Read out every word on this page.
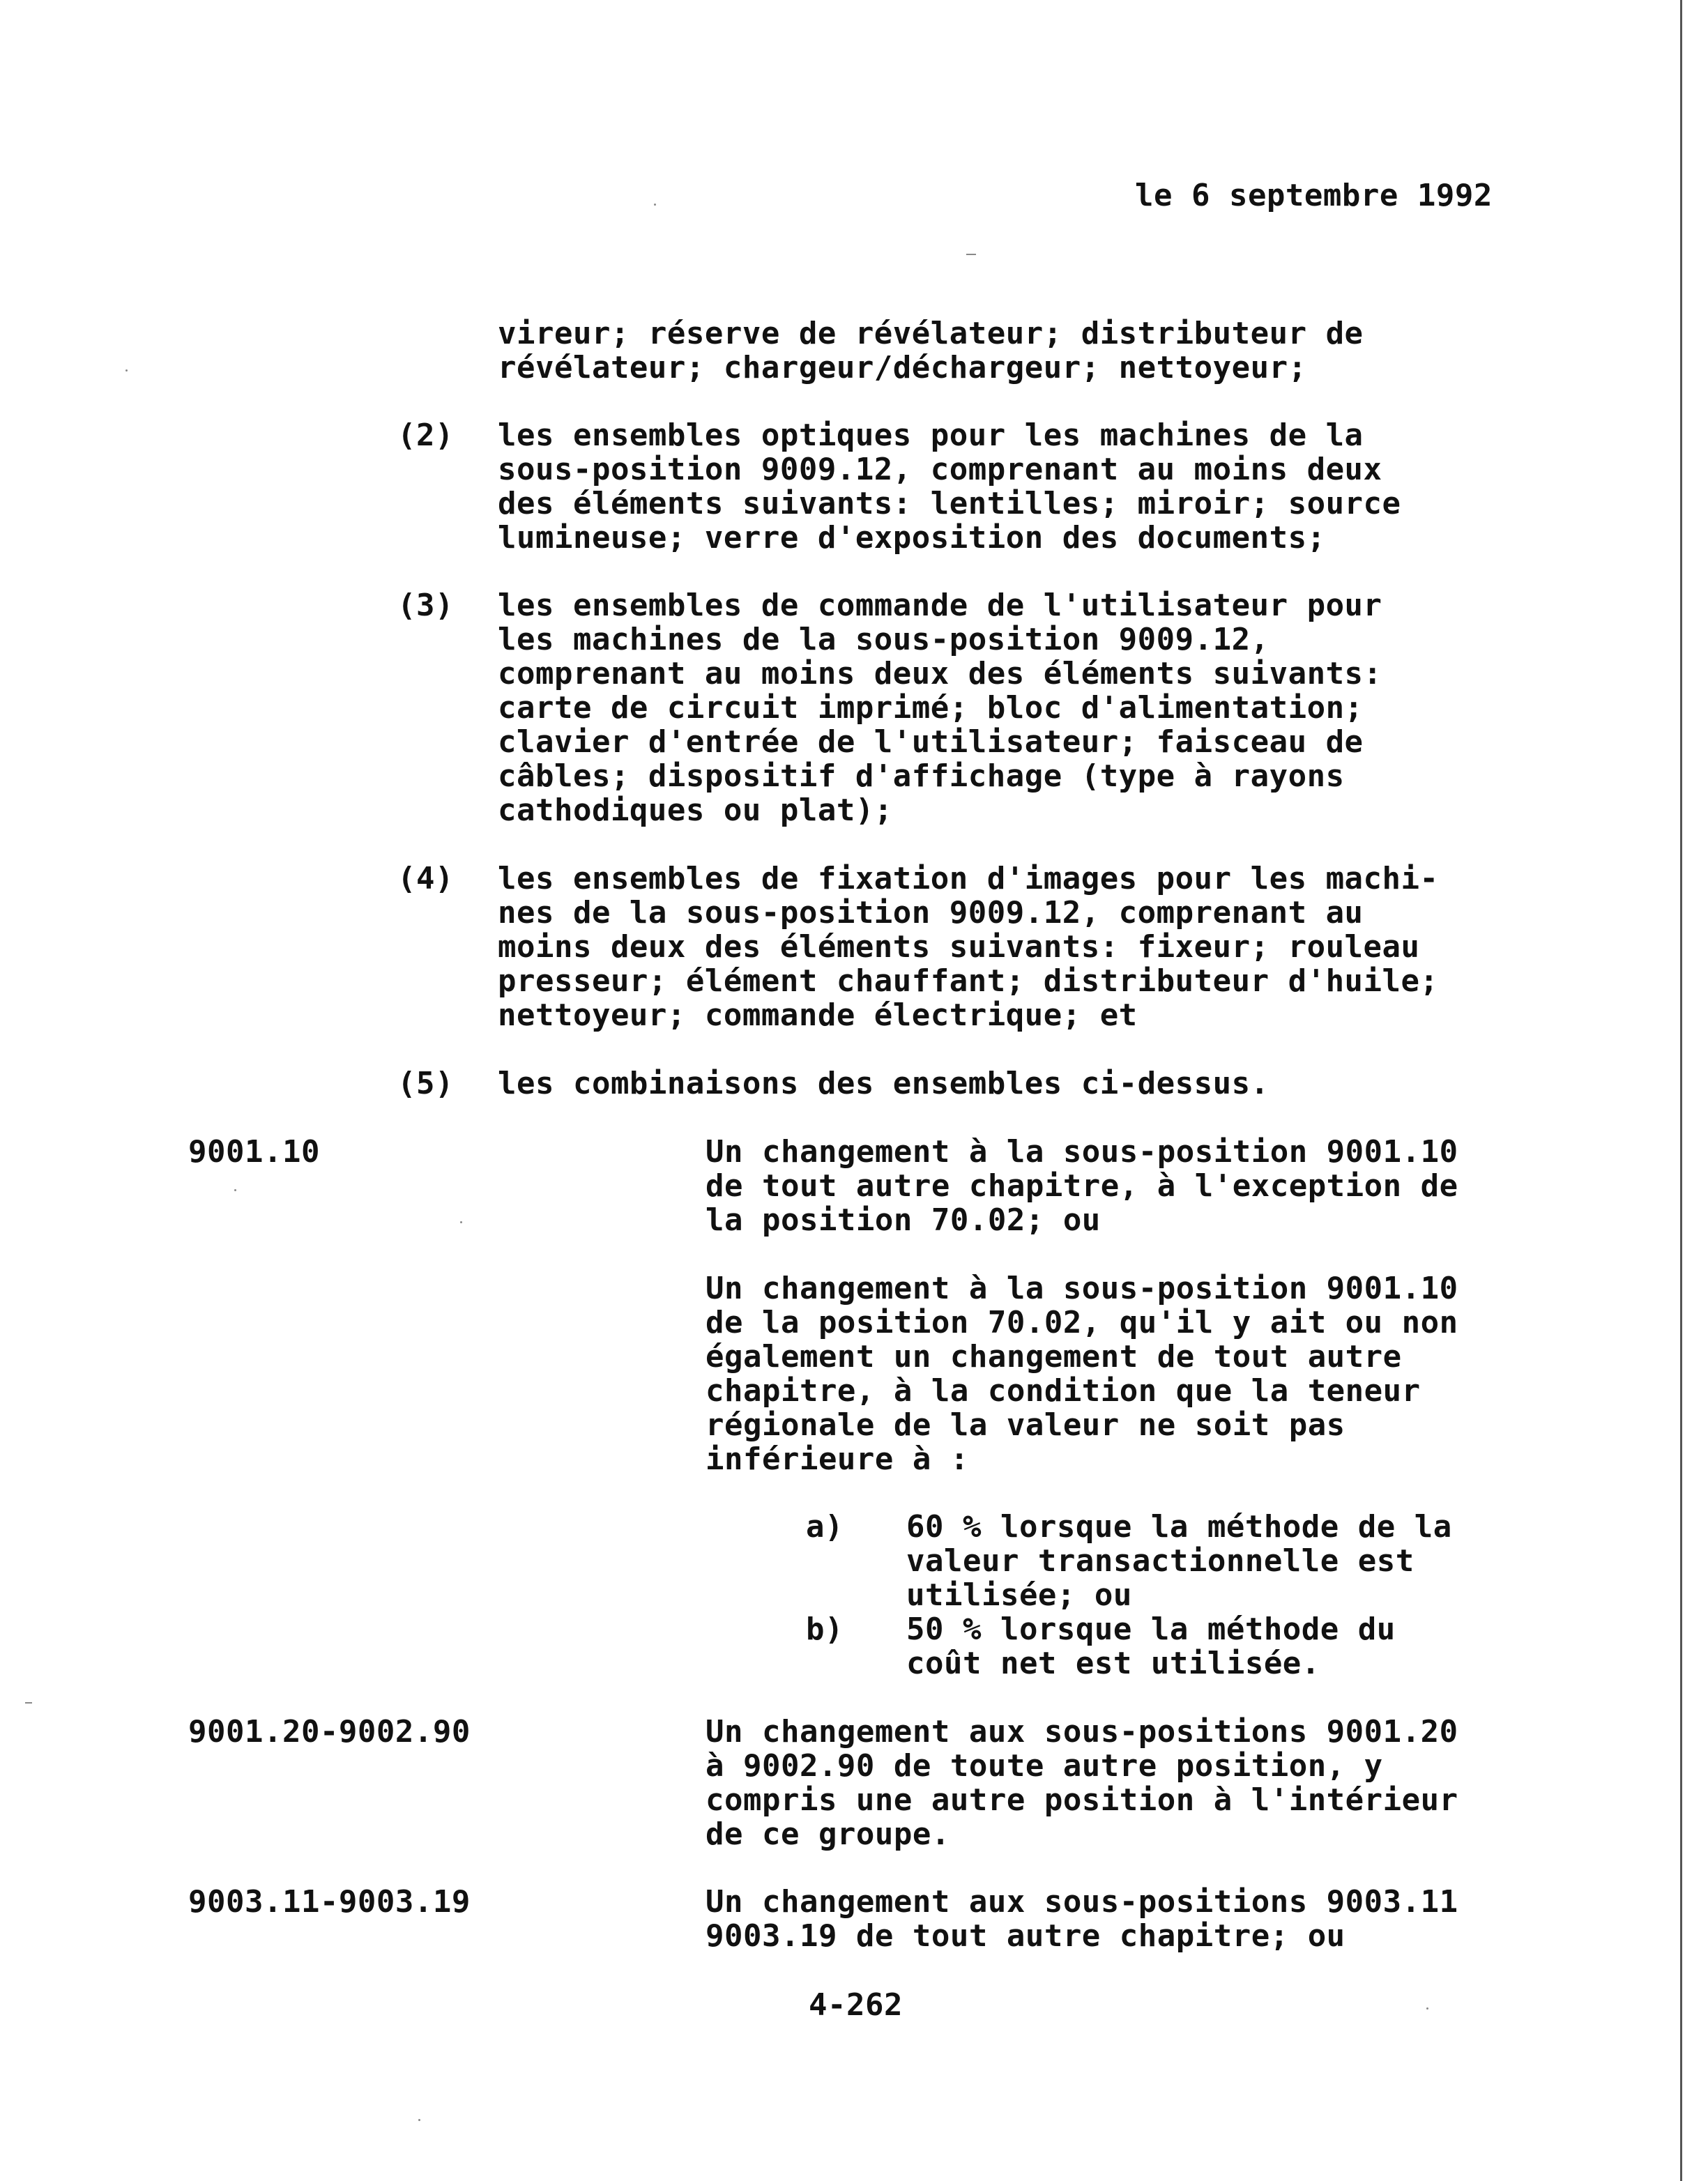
le 6 septembre 1992

vireur; réserve de révélateur; distributeur de

révélateur; chargeur/déchargeur; nettoyeur;

(2) les ensembles optiques pour les machines de la

sous-position 9009.12, comprenant au moins deux

des éléments suivants: lentilles; miroir; source

lumineuse; verre d'exposition des documents;

(3) les ensembles de commande de l'utilisateur pour

les machines de la sous-position 9009.12,

comprenant au moins deux des éléments suivants:

carte de circuit imprimé; bloc d'alimentation;

clavier d'entrée de l'utilisateur; faisceau de

câbles; dispositif d'affichage (type à rayons

cathodiques ou plat);

(4) les ensembles de fixation d'images pour les machi-

nes de la sous-position 9009.12, comprenant au

moins deux des éléments suivants: fixeur; rouleau

presseur; élément chauffant; distributeur d'huile;

nettoyeur; commande électrique; et

(5) les combinaisons des ensembles ci-dessus.

9001.10	Un changement à la sous-position 9001.10

de tout autre chapitre, à l'exception de

la position 70.02; ou

Un changement à la sous-position 9001.10

de la position 70.02, qu'il y ait ou non

également un changement de tout autre

chapitre, à la condition que la teneur

régionale de la valeur ne soit pas

inférieure à :

a) 60 % lorsque la méthode de la

valeur transactionnelle est

utilisée; ou

b) 50 % lorsque la méthode du

coût net est utilisée.

9001.20-9002.90	Un changement aux sous-positions 9001.20

à 9002.90 de toute autre position, y

compris une autre position à l'intérieur

de ce groupe.

9003.11-9003.19	Un changement aux sous-positions 9003.11

9003.19 de tout autre chapitre; ou

4-262
